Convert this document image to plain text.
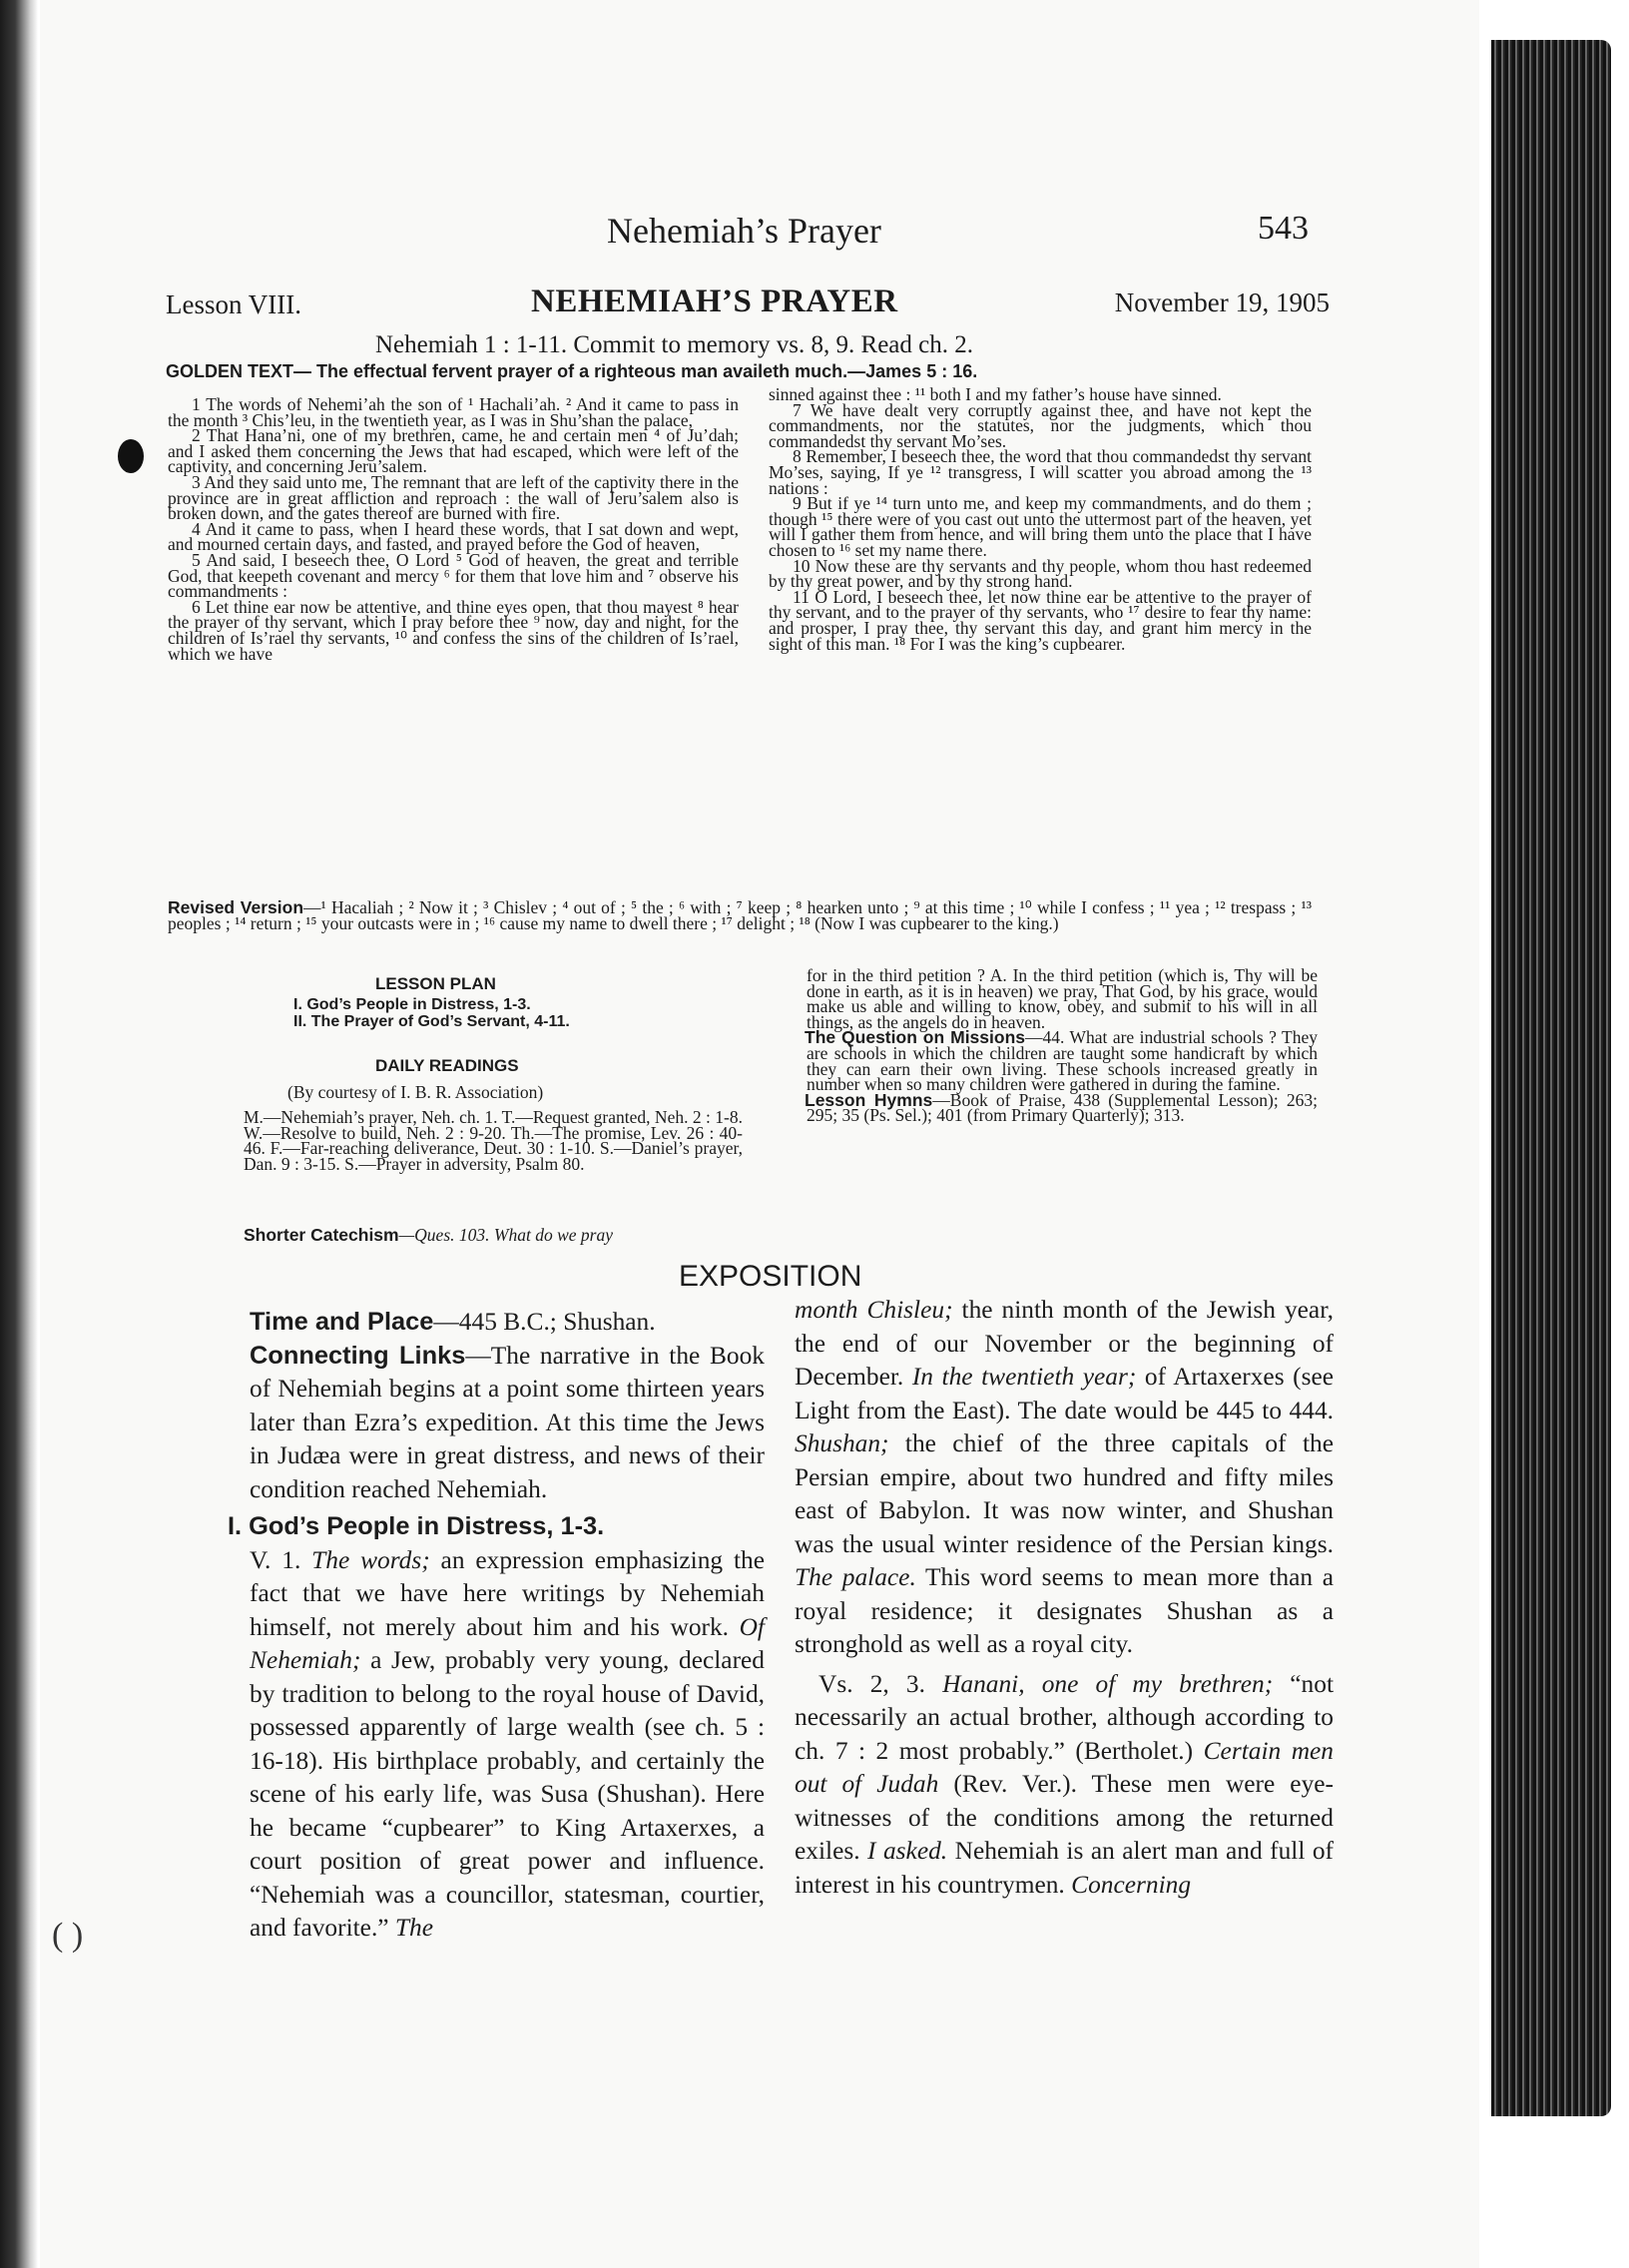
( )
Nehemiah’s Prayer	543
Lesson VIII.	NEHEMIAH’S PRAYER	November 19, 1905
Nehemiah 1 : 1-11. Commit to memory vs. 8, 9. Read ch. 2.
GOLDEN TEXT— The effectual fervent prayer of a righteous man availeth much.—James 5 : 16.

1 The words of Nehemi’ah the son of ¹ Hachali’ah. ² And it came to pass in the month ³ Chis’leu, in the twentieth year, as I was in Shu’shan the palace,

2 That Hana’ni, one of my brethren, came, he and certain men ⁴ of Ju’dah; and I asked them concerning the Jews that had escaped, which were left of the captivity, and concerning Jeru’salem.

3 And they said unto me, The remnant that are left of the captivity there in the province are in great affliction and reproach : the wall of Jeru’salem also is broken down, and the gates thereof are burned with fire.

4 And it came to pass, when I heard these words, that I sat down and wept, and mourned certain days, and fasted, and prayed before the God of heaven,

5 And said, I beseech thee, O Lord ⁵ God of heaven, the great and terrible God, that keepeth covenant and mercy ⁶ for them that love him and ⁷ observe his commandments :

6 Let thine ear now be attentive, and thine eyes open, that thou mayest ⁸ hear the prayer of thy servant, which I pray before thee ⁹ now, day and night, for the children of Is’rael thy servants, ¹⁰ and confess the sins of the children of Is’rael, which we have

sinned against thee : ¹¹ both I and my father’s house have sinned.

7 We have dealt very corruptly against thee, and have not kept the commandments, nor the statutes, nor the judgments, which thou commandedst thy servant Mo’ses.

8 Remember, I beseech thee, the word that thou commandedst thy servant Mo’ses, saying, If ye ¹² transgress, I will scatter you abroad among the ¹³ nations :

9 But if ye ¹⁴ turn unto me, and keep my commandments, and do them ; though ¹⁵ there were of you cast out unto the uttermost part of the heaven, yet will I gather them from hence, and will bring them unto the place that I have chosen to ¹⁶ set my name there.

10 Now these are thy servants and thy people, whom thou hast redeemed by thy great power, and by thy strong hand.

11 O Lord, I beseech thee, let now thine ear be attentive to the prayer of thy servant, and to the prayer of thy servants, who ¹⁷ desire to fear thy name: and prosper, I pray thee, thy servant this day, and grant him mercy in the sight of this man. ¹⁸ For I was the king’s cupbearer.

Revised Version—¹ Hacaliah ; ² Now it ; ³ Chislev ; ⁴ out of ; ⁵ the ; ⁶ with ; ⁷ keep ; ⁸ hearken unto ; ⁹ at this time ; ¹⁰ while I confess ; ¹¹ yea ; ¹² trespass ; ¹³ peoples ; ¹⁴ return ; ¹⁵ your outcasts were in ; ¹⁶ cause my name to dwell there ; ¹⁷ delight ; ¹⁸ (Now I was cupbearer to the king.)
LESSON PLAN
I. God’s People in Distress, 1-3.
II. The Prayer of God’s Servant, 4-11.
DAILY READINGS
(By courtesy of I. B. R. Association)
M.—Nehemiah’s prayer, Neh. ch. 1. T.—Request granted, Neh. 2 : 1-8. W.—Resolve to build, Neh. 2 : 9-20. Th.—The promise, Lev. 26 : 40-46. F.—Far-reaching deliverance, Deut. 30 : 1-10. S.—Daniel’s prayer, Dan. 9 : 3-15. S.—Prayer in adversity, Psalm 80.
Shorter Catechism—Ques. 103. What do we pray

for in the third petition ? A. In the third petition (which is, Thy will be done in earth, as it is in heaven) we pray, That God, by his grace, would make us able and willing to know, obey, and submit to his will in all things, as the angels do in heaven.

The Question on Missions—44. What are industrial schools ? They are schools in which the children are taught some handicraft by which they can earn their own living. These schools increased greatly in number when so many children were gathered in during the famine.

Lesson Hymns—Book of Praise, 438 (Supplemental Lesson); 263; 295; 35 (Ps. Sel.); 401 (from Primary Quarterly); 313.

EXPOSITION

Time and Place—445 B.C.; Shushan.

Connecting Links—The narrative in the Book of Nehemiah begins at a point some thirteen years later than Ezra’s expedition. At this time the Jews in Judæa were in great distress, and news of their condition reached Nehemiah.

I. God’s People in Distress, 1-3.

V. 1. The words; an expression emphasizing the fact that we have here writings by Nehemiah himself, not merely about him and his work. Of Nehemiah; a Jew, probably very young, declared by tradition to belong to the royal house of David, possessed apparently of large wealth (see ch. 5 : 16-18). His birthplace probably, and certainly the scene of his early life, was Susa (Shushan). Here he became “cupbearer” to King Artaxerxes, a court position of great power and influence. “Nehemiah was a councillor, statesman, courtier, and favorite.” The

month Chisleu; the ninth month of the Jewish year, the end of our November or the beginning of December. In the twentieth year; of Artaxerxes (see Light from the East). The date would be 445 to 444. Shushan; the chief of the three capitals of the Persian empire, about two hundred and fifty miles east of Babylon. It was now winter, and Shushan was the usual winter residence of the Persian kings. The palace. This word seems to mean more than a royal residence; it designates Shushan as a stronghold as well as a royal city.

Vs. 2, 3. Hanani, one of my brethren; “not necessarily an actual brother, although according to ch. 7 : 2 most probably.” (Bertholet.) Certain men out of Judah (Rev. Ver.). These men were eye-witnesses of the conditions among the returned exiles. I asked. Nehemiah is an alert man and full of interest in his countrymen. Concerning
